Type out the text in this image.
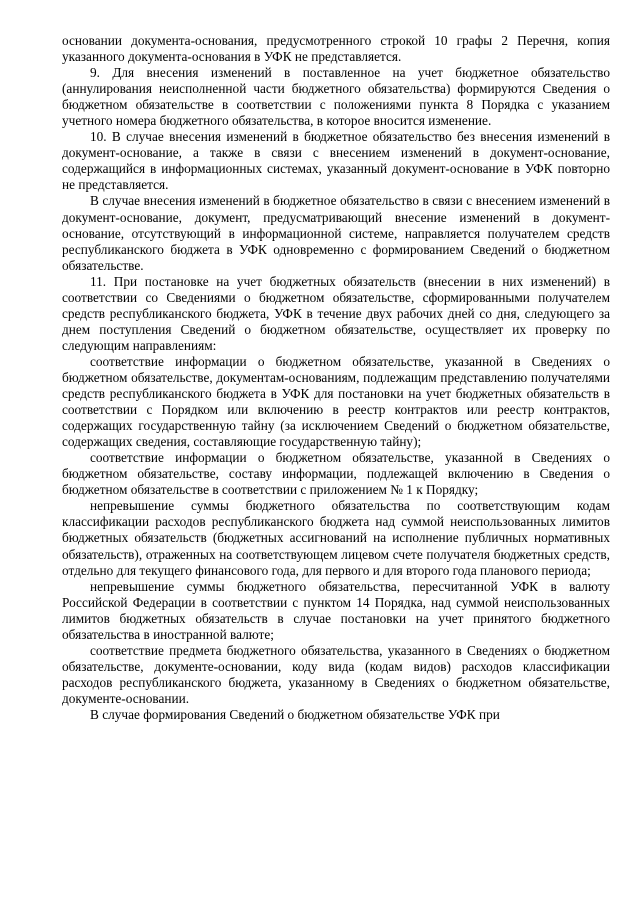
основании документа-основания, предусмотренного строкой 10 графы 2 Перечня, копия указанного документа-основания в УФК не представляется.

9. Для внесения изменений в поставленное на учет бюджетное обязательство (аннулирования неисполненной части бюджетного обязательства) формируются Сведения о бюджетном обязательстве в соответствии с положениями пункта 8 Порядка с указанием учетного номера бюджетного обязательства, в которое вносится изменение.

10. В случае внесения изменений в бюджетное обязательство без внесения изменений в документ-основание, а также в связи с внесением изменений в документ-основание, содержащийся в информационных системах, указанный документ-основание в УФК повторно не представляется.

В случае внесения изменений в бюджетное обязательство в связи с внесением изменений в документ-основание, документ, предусматривающий внесение изменений в документ-основание, отсутствующий в информационной системе, направляется получателем средств республиканского бюджета в УФК одновременно с формированием Сведений о бюджетном обязательстве.

11. При постановке на учет бюджетных обязательств (внесении в них изменений) в соответствии со Сведениями о бюджетном обязательстве, сформированными получателем средств республиканского бюджета, УФК в течение двух рабочих дней со дня, следующего за днем поступления Сведений о бюджетном обязательстве, осуществляет их проверку по следующим направлениям:

соответствие информации о бюджетном обязательстве, указанной в Сведениях о бюджетном обязательстве, документам-основаниям, подлежащим представлению получателями средств республиканского бюджета в УФК для постановки на учет бюджетных обязательств в соответствии с Порядком или включению в реестр контрактов или реестр контрактов, содержащих государственную тайну (за исключением Сведений о бюджетном обязательстве, содержащих сведения, составляющие государственную тайну);

соответствие информации о бюджетном обязательстве, указанной в Сведениях о бюджетном обязательстве, составу информации, подлежащей включению в Сведения о бюджетном обязательстве в соответствии с приложением № 1 к Порядку;

непревышение суммы бюджетного обязательства по соответствующим кодам классификации расходов республиканского бюджета над суммой неиспользованных лимитов бюджетных обязательств (бюджетных ассигнований на исполнение публичных нормативных обязательств), отраженных на соответствующем лицевом счете получателя бюджетных средств, отдельно для текущего финансового года, для первого и для второго года планового периода;

непревышение суммы бюджетного обязательства, пересчитанной УФК в валюту Российской Федерации в соответствии с пунктом 14 Порядка, над суммой неиспользованных лимитов бюджетных обязательств в случае постановки на учет принятого бюджетного обязательства в иностранной валюте;

соответствие предмета бюджетного обязательства, указанного в Сведениях о бюджетном обязательстве, документе-основании, коду вида (кодам видов) расходов классификации расходов республиканского бюджета, указанному в Сведениях о бюджетном обязательстве, документе-основании.

В случае формирования Сведений о бюджетном обязательстве УФК при
